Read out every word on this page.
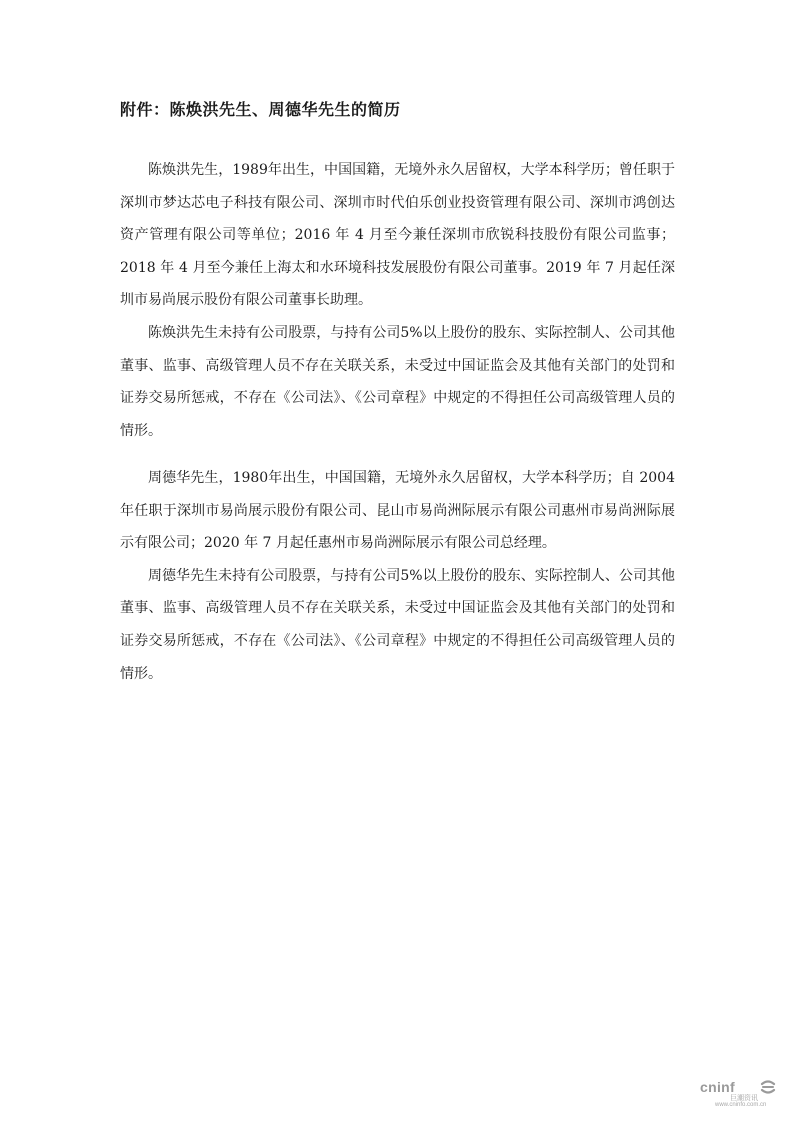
附件：陈焕洪先生、周德华先生的简历

陈焕洪先生，1989年出生，中国国籍，无境外永久居留权，大学本科学历；曾任职于深圳市梦达芯电子科技有限公司、深圳市时代伯乐创业投资管理有限公司、深圳市鸿创达资产管理有限公司等单位；2016 年 4 月至今兼任深圳市欣锐科技股份有限公司监事；2018 年 4 月至今兼任上海太和水环境科技发展股份有限公司董事。2019 年 7 月起任深圳市易尚展示股份有限公司董事长助理。

陈焕洪先生未持有公司股票，与持有公司5%以上股份的股东、实际控制人、公司其他董事、监事、高级管理人员不存在关联关系，未受过中国证监会及其他有关部门的处罚和证券交易所惩戒，不存在《公司法》、《公司章程》中规定的不得担任公司高级管理人员的情形。

周德华先生，1980年出生，中国国籍，无境外永久居留权，大学本科学历；自 2004 年任职于深圳市易尚展示股份有限公司、昆山市易尚洲际展示有限公司惠州市易尚洲际展示有限公司；2020 年 7 月起任惠州市易尚洲际展示有限公司总经理。

周德华先生未持有公司股票，与持有公司5%以上股份的股东、实际控制人、公司其他董事、监事、高级管理人员不存在关联关系，未受过中国证监会及其他有关部门的处罚和证券交易所惩戒，不存在《公司法》、《公司章程》中规定的不得担任公司高级管理人员的情形。

cninf
巨潮资讯
www.cninfo.com.cn
